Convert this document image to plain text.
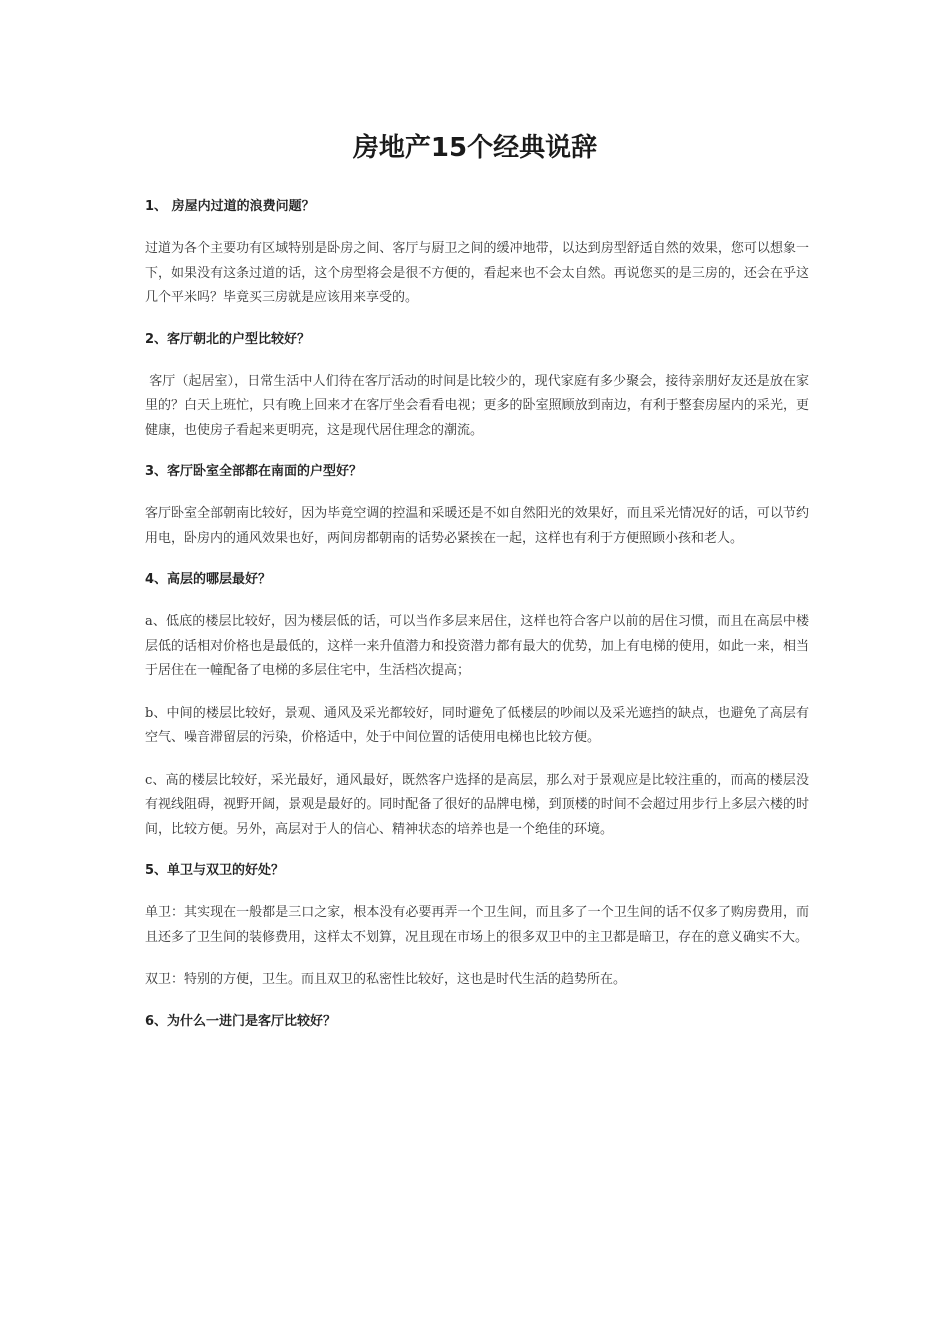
房地产15个经典说辞

1、 房屋内过道的浪费问题？

过道为各个主要功有区域特别是卧房之间、客厅与厨卫之间的缓冲地带，以达到房型舒适自然的效果，您可以想象一下，如果没有这条过道的话，这个房型将会是很不方便的，看起来也不会太自然。再说您买的是三房的，还会在乎这几个平米吗？毕竟买三房就是应该用来享受的。

2、客厅朝北的户型比较好？

客厅（起居室），日常生活中人们待在客厅活动的时间是比较少的，现代家庭有多少聚会，接待亲朋好友还是放在家里的？白天上班忙，只有晚上回来才在客厅坐会看看电视；更多的卧室照顾放到南边，有利于整套房屋内的采光，更健康，也使房子看起来更明亮，这是现代居住理念的潮流。

3、客厅卧室全部都在南面的户型好？

客厅卧室全部朝南比较好，因为毕竟空调的控温和采暖还是不如自然阳光的效果好，而且采光情况好的话，可以节约用电，卧房内的通风效果也好，两间房都朝南的话势必紧挨在一起，这样也有利于方便照顾小孩和老人。

4、高层的哪层最好？

a、低底的楼层比较好，因为楼层低的话，可以当作多层来居住，这样也符合客户以前的居住习惯，而且在高层中楼层低的话相对价格也是最低的，这样一来升值潜力和投资潜力都有最大的优势，加上有电梯的使用，如此一来，相当于居住在一幢配备了电梯的多层住宅中，生活档次提高；

b、中间的楼层比较好，景观、通风及采光都较好，同时避免了低楼层的吵闹以及采光遮挡的缺点，也避免了高层有空气、噪音滞留层的污染，价格适中，处于中间位置的话使用电梯也比较方便。

c、高的楼层比较好，采光最好，通风最好，既然客户选择的是高层，那么对于景观应是比较注重的，而高的楼层没有视线阻碍，视野开阔，景观是最好的。同时配备了很好的品牌电梯，到顶楼的时间不会超过用步行上多层六楼的时间，比较方便。另外，高层对于人的信心、精神状态的培养也是一个绝佳的环境。

5、单卫与双卫的好处？

单卫：其实现在一般都是三口之家，根本没有必要再弄一个卫生间，而且多了一个卫生间的话不仅多了购房费用，而且还多了卫生间的装修费用，这样太不划算，况且现在市场上的很多双卫中的主卫都是暗卫，存在的意义确实不大。

双卫：特别的方便，卫生。而且双卫的私密性比较好，这也是时代生活的趋势所在。

6、为什么一进门是客厅比较好？
